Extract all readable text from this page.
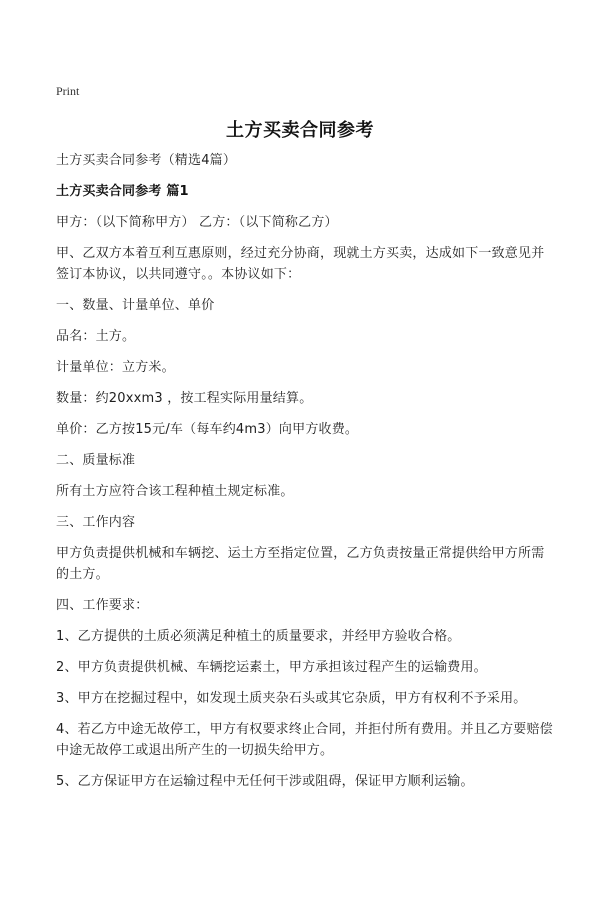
Print
土方买卖合同参考

土方买卖合同参考（精选4篇）

土方买卖合同参考 篇1

甲方：（以下简称甲方） 乙方：（以下简称乙方）

甲、乙双方本着互利互惠原则，经过充分协商，现就土方买卖，达成如下一致意见并签订本协议，以共同遵守。。本协议如下：

一、数量、计量单位、单价

品名：土方。

计量单位：立方米。

数量：约20xxm3 ，按工程实际用量结算。

单价：乙方按15元/车（每车约4m3）向甲方收费。

二、质量标准

所有土方应符合该工程种植土规定标准。

三、工作内容

甲方负责提供机械和车辆挖、运土方至指定位置，乙方负责按量正常提供给甲方所需的土方。

四、工作要求：

1、乙方提供的土质必须满足种植土的质量要求，并经甲方验收合格。

2、甲方负责提供机械、车辆挖运素土，甲方承担该过程产生的运输费用。

3、甲方在挖掘过程中，如发现土质夹杂石头或其它杂质，甲方有权利不予采用。

4、若乙方中途无故停工，甲方有权要求终止合同，并拒付所有费用。并且乙方要赔偿中途无故停工或退出所产生的一切损失给甲方。

5、乙方保证甲方在运输过程中无任何干涉或阻碍，保证甲方顺利运输。
